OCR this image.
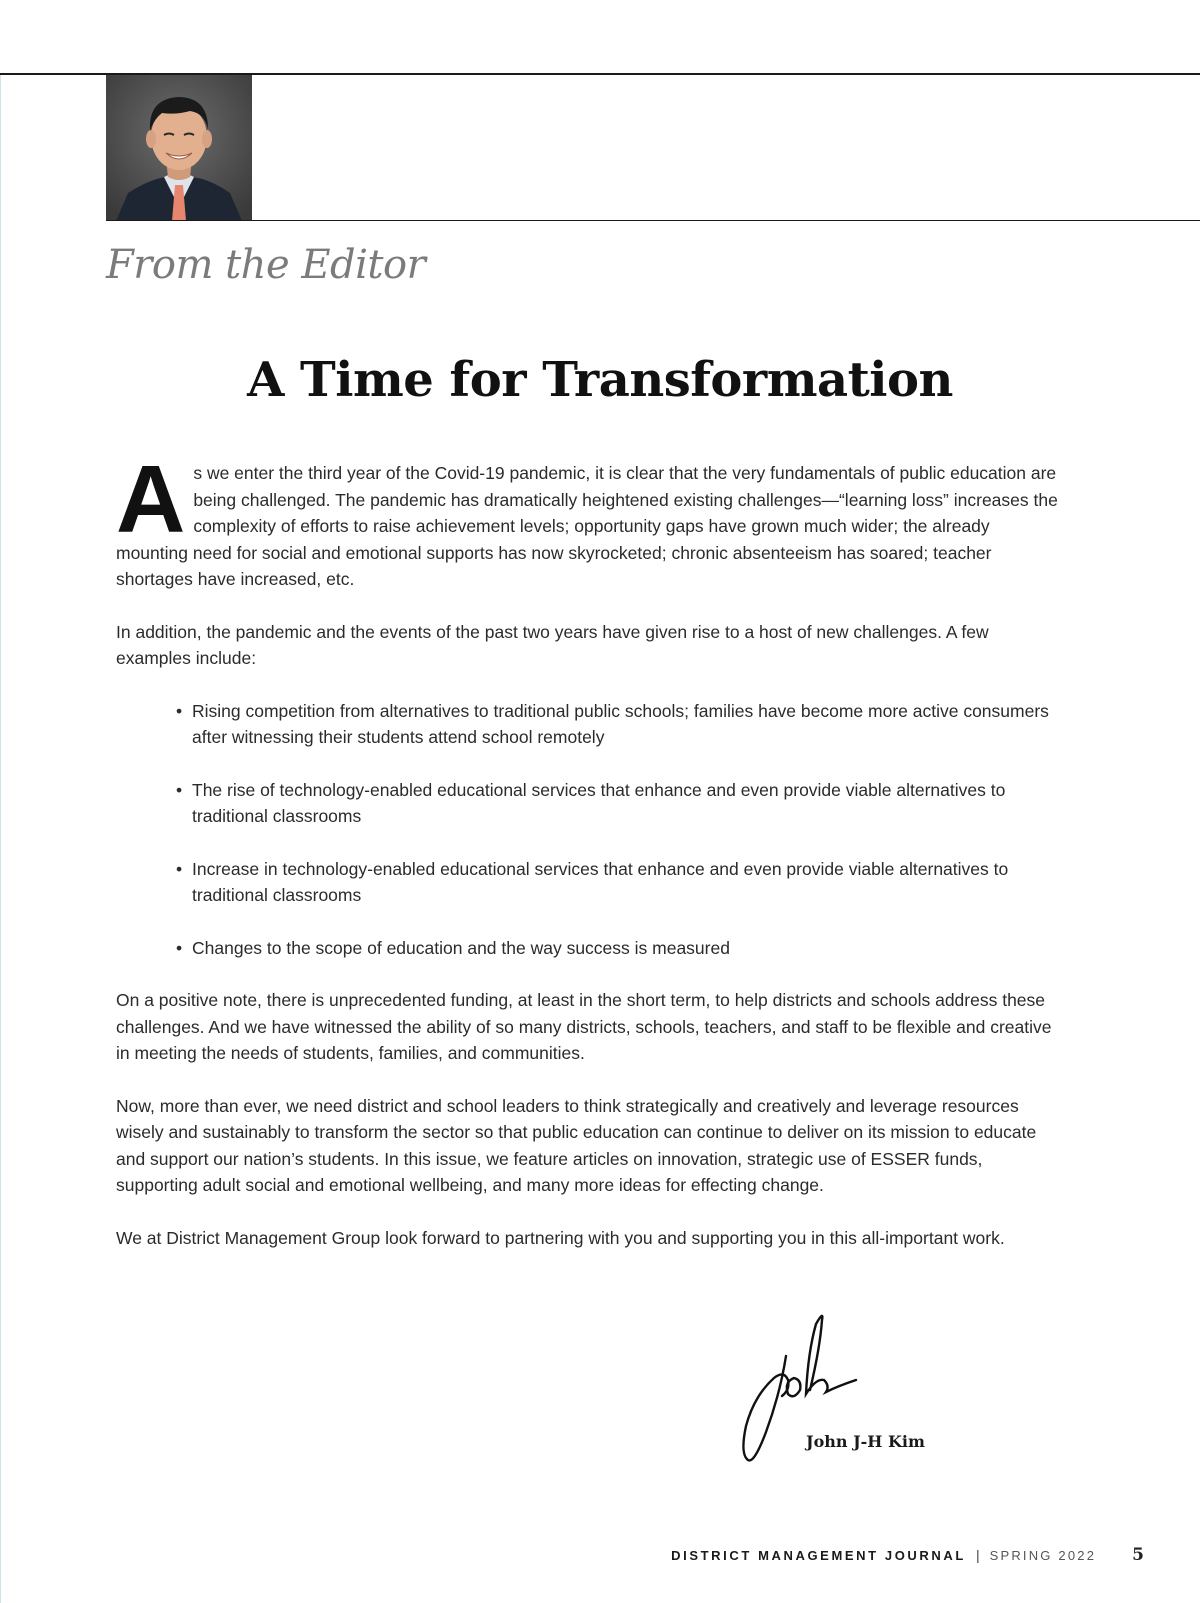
From the Editor
A Time for Transformation

As we enter the third year of the Covid-19 pandemic, it is clear that the very fundamentals of public education are being challenged. The pandemic has dramatically heightened existing challenges—“learning loss” increases the complexity of efforts to raise achievement levels; opportunity gaps have grown much wider; the already mounting need for social and emotional supports has now skyrocketed; chronic absenteeism has soared; teacher shortages have increased, etc.

In addition, the pandemic and the events of the past two years have given rise to a host of new challenges. A few examples include:

• Rising competition from alternatives to traditional public schools; families have become more active consumers after witnessing their students attend school remotely
• The rise of technology-enabled educational services that enhance and even provide viable alternatives to traditional classrooms
• Increase in technology-enabled educational services that enhance and even provide viable alternatives to traditional classrooms
• Changes to the scope of education and the way success is measured

On a positive note, there is unprecedented funding, at least in the short term, to help districts and schools address these challenges. And we have witnessed the ability of so many districts, schools, teachers, and staff to be flexible and creative in meeting the needs of students, families, and communities.

Now, more than ever, we need district and school leaders to think strategically and creatively and leverage resources wisely and sustainably to transform the sector so that public education can continue to deliver on its mission to educate and support our nation’s students. In this issue, we feature articles on innovation, strategic use of ESSER funds, supporting adult social and emotional wellbeing, and many more ideas for effecting change.

We at District Management Group look forward to partnering with you and supporting you in this all-important work.

John J-H Kim
DISTRICT MANAGEMENT JOURNAL | SPRING 2022 5
